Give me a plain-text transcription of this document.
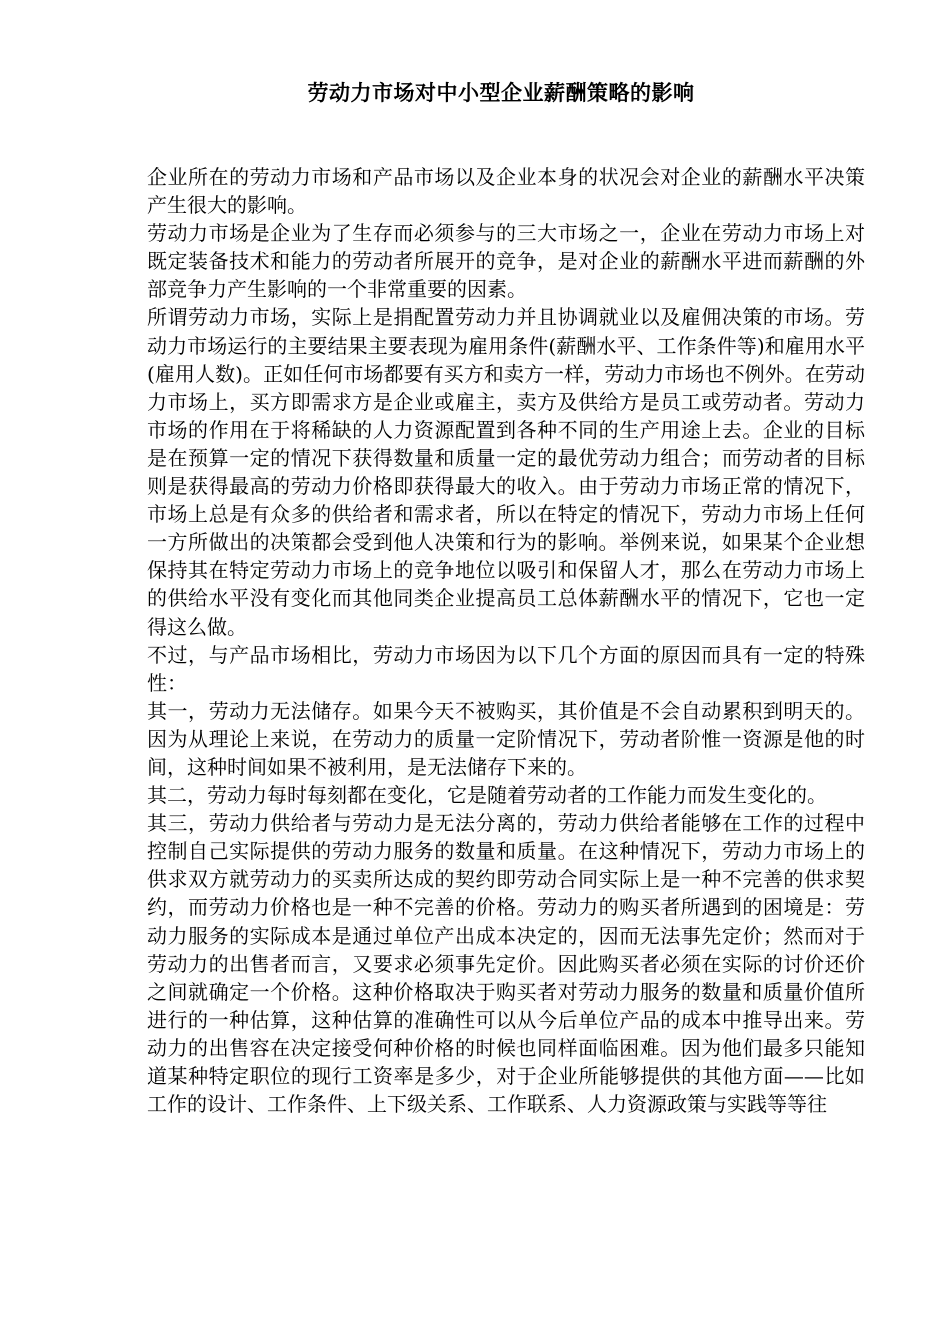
劳动力市场对中小型企业薪酬策略的影响

企业所在的劳动力市场和产品市场以及企业本身的状况会对企业的薪酬水平决策产生很大的影响。

劳动力市场是企业为了生存而必须参与的三大市场之一，企业在劳动力市场上对既定装备技术和能力的劳动者所展开的竞争，是对企业的薪酬水平进而薪酬的外部竞争力产生影响的一个非常重要的因素。

所谓劳动力市场，实际上是捐配置劳动力并且协调就业以及雇佣决策的市场。劳动力市场运行的主要结果主要表现为雇用条件(薪酬水平、工作条件等)和雇用水平(雇用人数)。正如任何市场都要有买方和卖方一样，劳动力市场也不例外。在劳动力市场上，买方即需求方是企业或雇主，卖方及供给方是员工或劳动者。劳动力市场的作用在于将稀缺的人力资源配置到各种不同的生产用途上去。企业的目标是在预算一定的情况下获得数量和质量一定的最优劳动力组合；而劳动者的目标则是获得最高的劳动力价格即获得最大的收入。由于劳动力市场正常的情况下，市场上总是有众多的供给者和需求者，所以在特定的情况下，劳动力市场上任何一方所做出的决策都会受到他人决策和行为的影响。举例来说，如果某个企业想保持其在特定劳动力市场上的竞争地位以吸引和保留人才，那么在劳动力市场上的供给水平没有变化而其他同类企业提高员工总体薪酬水平的情况下，它也一定得这么做。

不过，与产品市场相比，劳动力市场因为以下几个方面的原因而具有一定的特殊性：

其一，劳动力无法储存。如果今天不被购买，其价值是不会自动累积到明天的。因为从理论上来说，在劳动力的质量一定阶情况下，劳动者阶惟一资源是他的时间，这种时间如果不被利用，是无法储存下来的。

其二，劳动力每时每刻都在变化，它是随着劳动者的工作能力而发生变化的。

其三，劳动力供给者与劳动力是无法分离的，劳动力供给者能够在工作的过程中控制自己实际提供的劳动力服务的数量和质量。在这种情况下，劳动力市场上的供求双方就劳动力的买卖所达成的契约即劳动合同实际上是一种不完善的供求契约，而劳动力价格也是一种不完善的价格。劳动力的购买者所遇到的困境是：劳动力服务的实际成本是通过单位产出成本决定的，因而无法事先定价；然而对于劳动力的出售者而言，又要求必须事先定价。因此购买者必须在实际的讨价还价之间就确定一个价格。这种价格取决于购买者对劳动力服务的数量和质量价值所进行的一种估算，这种估算的准确性可以从今后单位产品的成本中推导出来。劳动力的出售容在决定接受何种价格的时候也同样面临困难。因为他们最多只能知道某种特定职位的现行工资率是多少，对于企业所能够提供的其他方面——比如工作的设计、工作条件、上下级关系、工作联系、人力资源政策与实践等等往
